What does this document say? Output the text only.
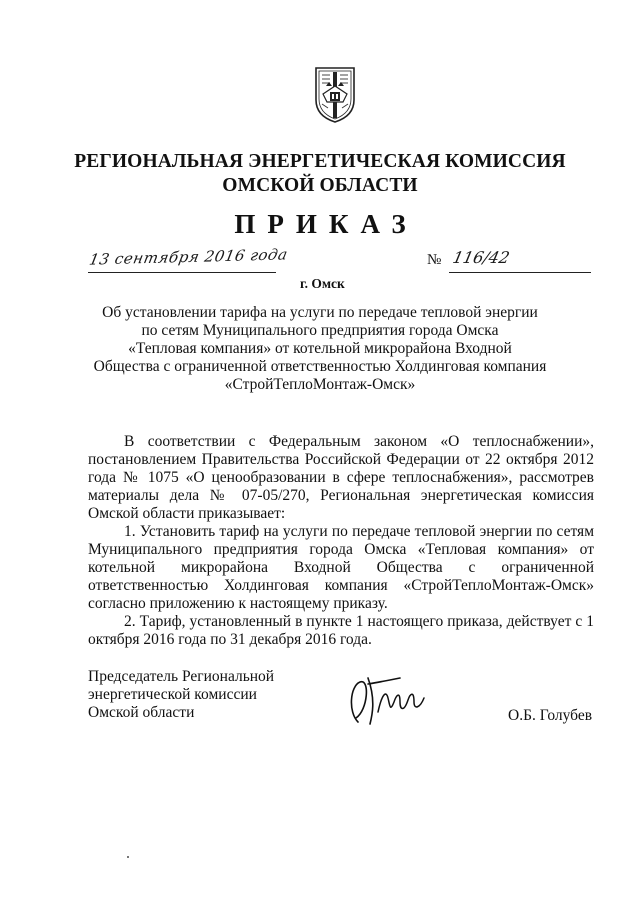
РЕГИОНАЛЬНАЯ ЭНЕРГЕТИЧЕСКАЯ КОМИССИЯ
ОМСКОЙ ОБЛАСТИ
ПРИКАЗ
13 сентября 2016 года	№ 116/42
г. Омск
Об установлении тарифа на услуги по передаче тепловой энергии
по сетям Муниципального предприятия города Омска
«Тепловая компания» от котельной микрорайона Входной
Общества с ограниченной ответственностью Холдинговая компания
«СтройТеплоМонтаж-Омск»

В соответствии с Федеральным законом «О теплоснабжении», постановлением Правительства Российской Федерации от 22 октября 2012 года № 1075 «О ценообразовании в сфере теплоснабжения», рассмотрев материалы дела № 07-05/270, Региональная энергетическая комиссия Омской области приказывает:

1. Установить тариф на услуги по передаче тепловой энергии по сетям Муниципального предприятия города Омска «Тепловая компания» от котельной микрорайона Входной Общества с ограниченной ответственностью Холдинговая компания «СтройТеплоМонтаж-Омск» согласно приложению к настоящему приказу.

2. Тариф, установленный в пункте 1 настоящего приказа, действует с 1 октября 2016 года по 31 декабря 2016 года.

Председатель Региональной
энергетической комиссии
Омской области	О.Б. Голубев
